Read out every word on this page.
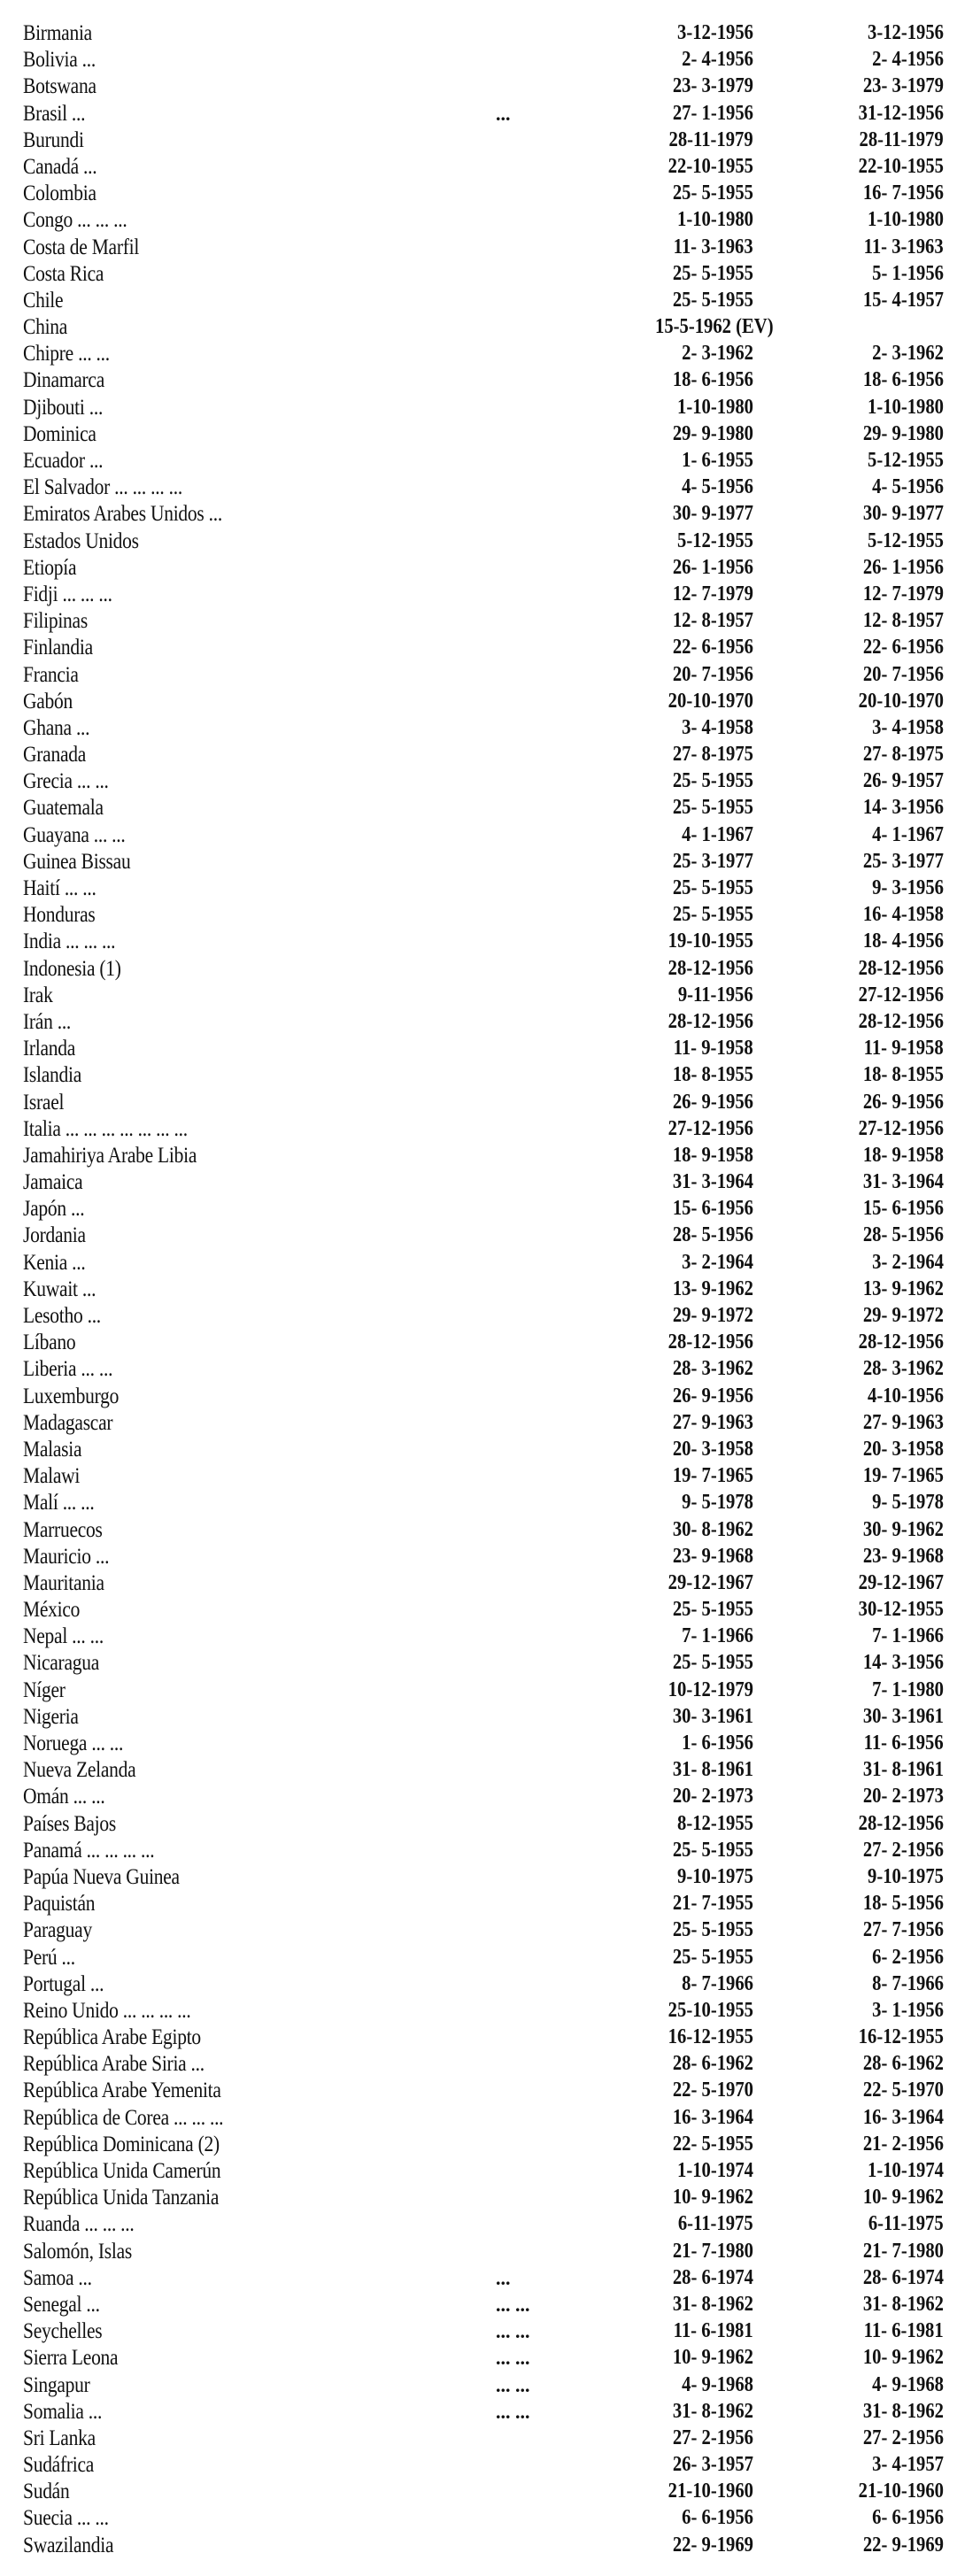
Birmania	3-12-1956	3-12-1956
Bolivia ...	2- 4-1956	2- 4-1956
Botswana	23- 3-1979	23- 3-1979
Brasil ...	...	27- 1-1956	31-12-1956
Burundi	28-11-1979	28-11-1979
Canadá ...	22-10-1955	22-10-1955
Colombia	25- 5-1955	16- 7-1956
Congo ... ... ...	1-10-1980	1-10-1980
Costa de Marfil	11- 3-1963	11- 3-1963
Costa Rica	25- 5-1955	5- 1-1956
Chile	25- 5-1955	15- 4-1957
China	15-5-1962 (EV)
Chipre ... ...	2- 3-1962	2- 3-1962
Dinamarca	18- 6-1956	18- 6-1956
Djibouti ...	1-10-1980	1-10-1980
Dominica	29- 9-1980	29- 9-1980
Ecuador ...	1- 6-1955	5-12-1955
El Salvador ... ... ... ...	4- 5-1956	4- 5-1956
Emiratos Arabes Unidos ...	30- 9-1977	30- 9-1977
Estados Unidos	5-12-1955	5-12-1955
Etiopía	26- 1-1956	26- 1-1956
Fidji ... ... ...	12- 7-1979	12- 7-1979
Filipinas	12- 8-1957	12- 8-1957
Finlandia	22- 6-1956	22- 6-1956
Francia	20- 7-1956	20- 7-1956
Gabón	20-10-1970	20-10-1970
Ghana ...	3- 4-1958	3- 4-1958
Granada	27- 8-1975	27- 8-1975
Grecia ... ...	25- 5-1955	26- 9-1957
Guatemala	25- 5-1955	14- 3-1956
Guayana ... ...	4- 1-1967	4- 1-1967
Guinea Bissau	25- 3-1977	25- 3-1977
Haití ... ...	25- 5-1955	9- 3-1956
Honduras	25- 5-1955	16- 4-1958
India ... ... ...	19-10-1955	18- 4-1956
Indonesia (1)	28-12-1956	28-12-1956
Irak	9-11-1956	27-12-1956
Irán ...	28-12-1956	28-12-1956
Irlanda	11- 9-1958	11- 9-1958
Islandia	18- 8-1955	18- 8-1955
Israel	26- 9-1956	26- 9-1956
Italia ... ... ... ... ... ... ...	27-12-1956	27-12-1956
Jamahiriya Arabe Libia	18- 9-1958	18- 9-1958
Jamaica	31- 3-1964	31- 3-1964
Japón ...	15- 6-1956	15- 6-1956
Jordania	28- 5-1956	28- 5-1956
Kenia ...	3- 2-1964	3- 2-1964
Kuwait ...	13- 9-1962	13- 9-1962
Lesotho ...	29- 9-1972	29- 9-1972
Líbano	28-12-1956	28-12-1956
Liberia ... ...	28- 3-1962	28- 3-1962
Luxemburgo	26- 9-1956	4-10-1956
Madagascar	27- 9-1963	27- 9-1963
Malasia	20- 3-1958	20- 3-1958
Malawi	19- 7-1965	19- 7-1965
Malí ... ...	9- 5-1978	9- 5-1978
Marruecos	30- 8-1962	30- 9-1962
Mauricio ...	23- 9-1968	23- 9-1968
Mauritania	29-12-1967	29-12-1967
México	25- 5-1955	30-12-1955
Nepal ... ...	7- 1-1966	7- 1-1966
Nicaragua	25- 5-1955	14- 3-1956
Níger	10-12-1979	7- 1-1980
Nigeria	30- 3-1961	30- 3-1961
Noruega ... ...	1- 6-1956	11- 6-1956
Nueva Zelanda	31- 8-1961	31- 8-1961
Omán ... ...	20- 2-1973	20- 2-1973
Países Bajos	8-12-1955	28-12-1956
Panamá ... ... ... ...	25- 5-1955	27- 2-1956
Papúa Nueva Guinea	9-10-1975	9-10-1975
Paquistán	21- 7-1955	18- 5-1956
Paraguay	25- 5-1955	27- 7-1956
Perú ...	25- 5-1955	6- 2-1956
Portugal ...	8- 7-1966	8- 7-1966
Reino Unido ... ... ... ...	25-10-1955	3- 1-1956
República Arabe Egipto	16-12-1955	16-12-1955
República Arabe Siria ...	28- 6-1962	28- 6-1962
República Arabe Yemenita	22- 5-1970	22- 5-1970
República de Corea ... ... ...	16- 3-1964	16- 3-1964
República Dominicana (2)	22- 5-1955	21- 2-1956
República Unida Camerún	1-10-1974	1-10-1974
República Unida Tanzania	10- 9-1962	10- 9-1962
Ruanda ... ... ...	6-11-1975	6-11-1975
Salomón, Islas	21- 7-1980	21- 7-1980
Samoa ...	...	28- 6-1974	28- 6-1974
Senegal ...	... ...	31- 8-1962	31- 8-1962
Seychelles	... ...	11- 6-1981	11- 6-1981
Sierra Leona	... ...	10- 9-1962	10- 9-1962
Singapur	... ...	4- 9-1968	4- 9-1968
Somalia ...	... ...	31- 8-1962	31- 8-1962
Sri Lanka	27- 2-1956	27- 2-1956
Sudáfrica	26- 3-1957	3- 4-1957
Sudán	21-10-1960	21-10-1960
Suecia ... ...	6- 6-1956	6- 6-1956
Swazilandia	22- 9-1969	22- 9-1969
